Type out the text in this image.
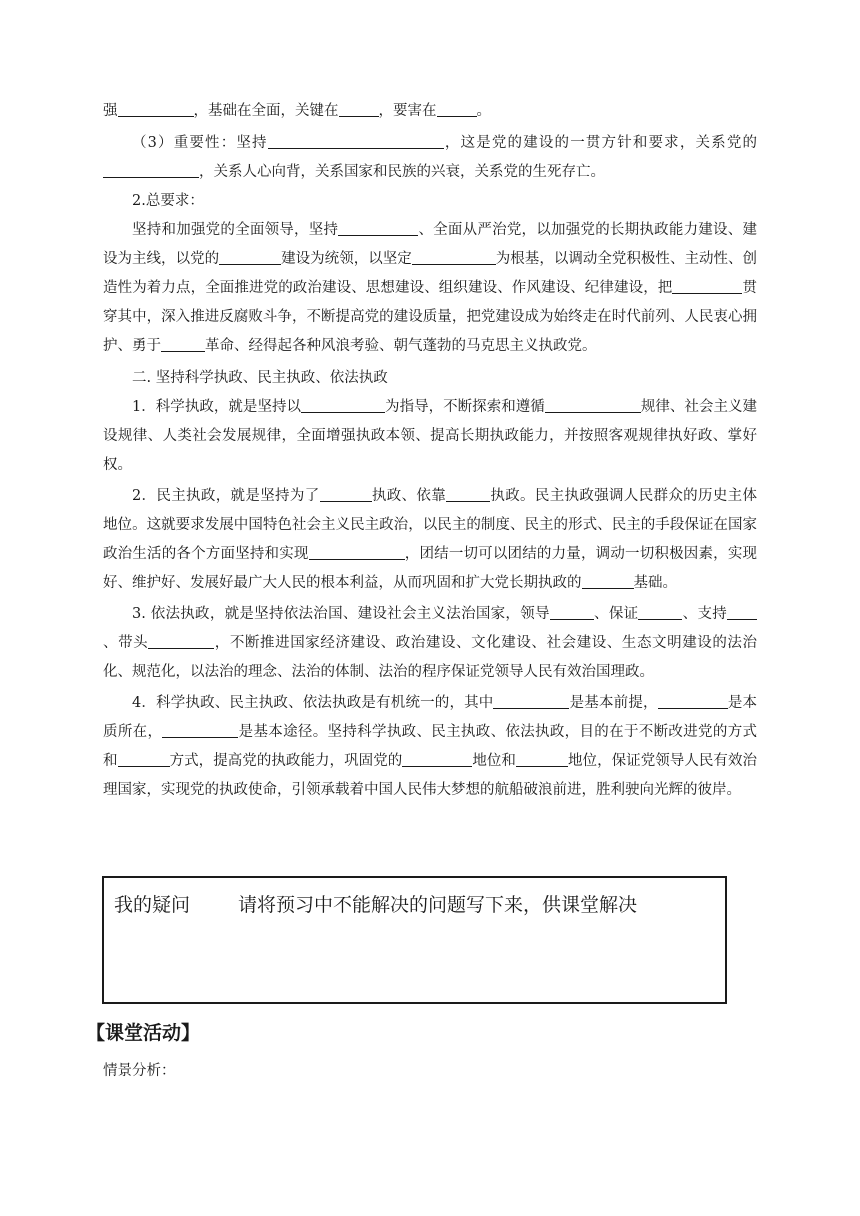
强	，基础在全面，关键在	，要害在	。

（3）重要性：坚持	，这是党的建设的一贯方针和要求，关系党的，关系人心向背，关系国家和民族的兴衰，关系党的生死存亡。

2.总要求：

坚持和加强党的全面领导，坚持	、全面从严治党，以加强党的长期执政能力建设、建设为主线，以党的	建设为统领，以坚定	为根基，以调动全党积极性、主动性、创造性为着力点，全面推进党的政治建设、思想建设、组织建设、作风建设、纪律建设，把	贯穿其中，深入推进反腐败斗争，不断提高党的建设质量，把党建设成为始终走在时代前列、人民衷心拥护、勇于	革命、经得起各种风浪考验、朝气蓬勃的马克思主义执政党。

二. 坚持科学执政、民主执政、依法执政

1．科学执政，就是坚持以	为指导，不断探索和遵循	规律、社会主义建设规律、人类社会发展规律，全面增强执政本领、提高长期执政能力，并按照客观规律执好政、掌好权。

2．民主执政，就是坚持为了	执政、依靠	执政。民主执政强调人民群众的历史主体地位。这就要求发展中国特色社会主义民主政治，以民主的制度、民主的形式、民主的手段保证在国家政治生活的各个方面坚持和实现	，团结一切可以团结的力量，调动一切积极因素，实现好、维护好、发展好最广大人民的根本利益，从而巩固和扩大党长期执政的	基础。

3. 依法执政，就是坚持依法治国、建设社会主义法治国家，领导	、保证	、支持、带头	，不断推进国家经济建设、政治建设、文化建设、社会建设、生态文明建设的法治化、规范化，以法治的理念、法治的体制、法治的程序保证党领导人民有效治国理政。

4．科学执政、民主执政、依法执政是有机统一的，其中	是基本前提，	是本质所在，	是基本途径。坚持科学执政、民主执政、依法执政，目的在于不断改进党的方式和	方式，提高党的执政能力，巩固党的	地位和	地位，保证党领导人民有效治理国家，实现党的执政使命，引领承载着中国人民伟大梦想的航船破浪前进，胜利驶向光辉的彼岸。

我的疑问	请将预习中不能解决的问题写下来，供课堂解决
【课堂活动】
情景分析：
